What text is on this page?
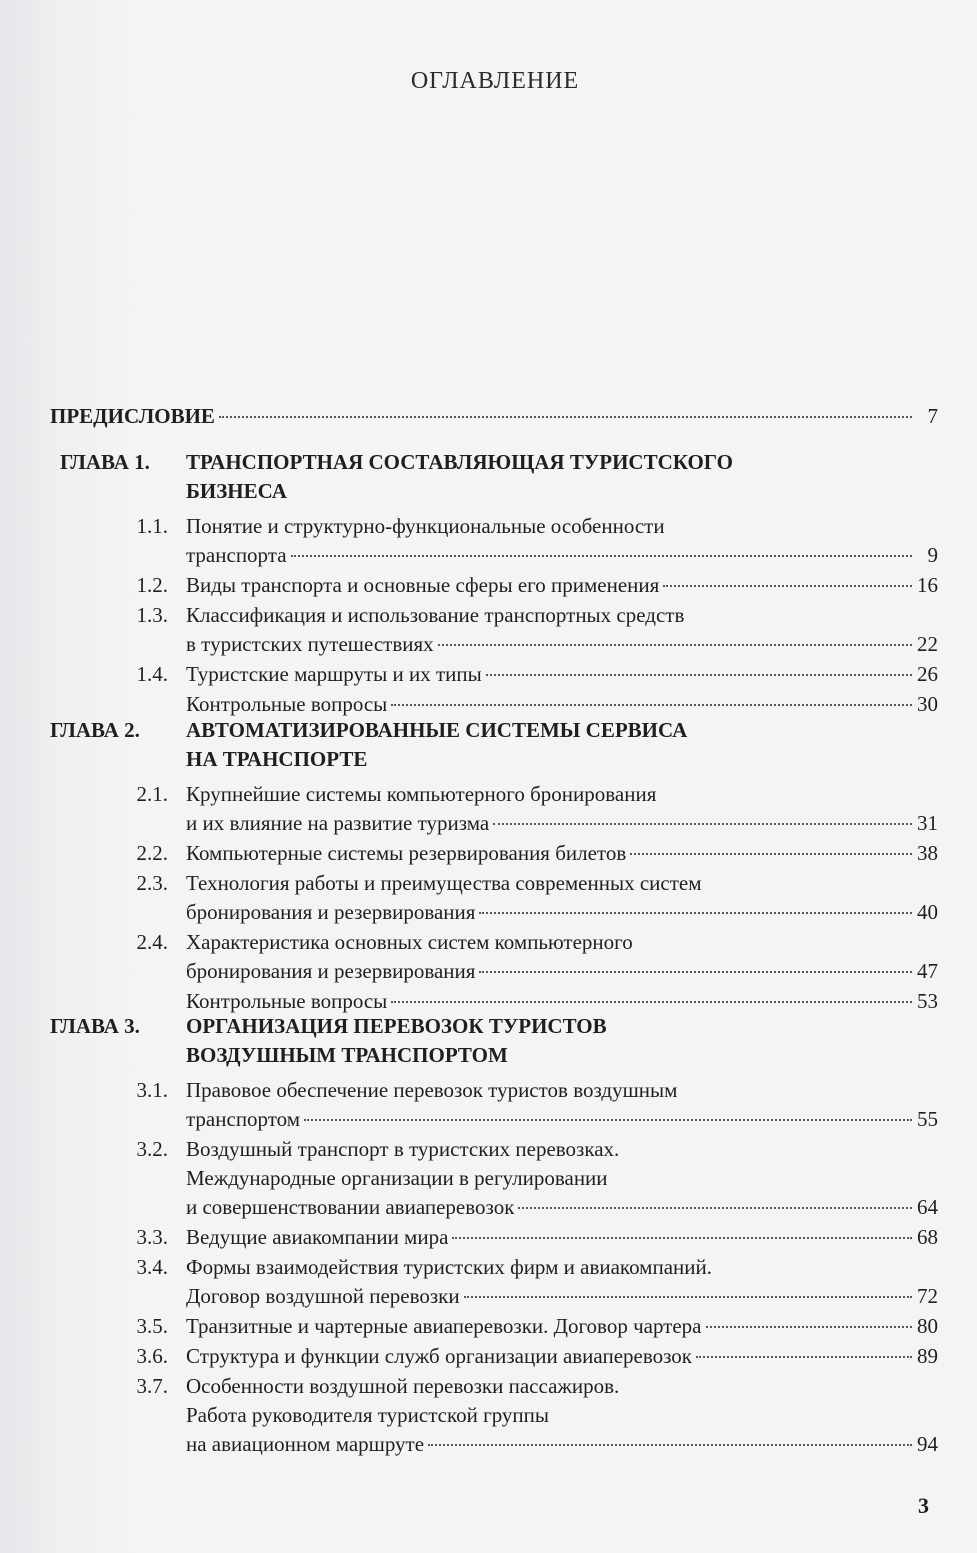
ОГЛАВЛЕНИЕ
ПРЕДИСЛОВИЕ	7
ГЛАВА 1. ТРАНСПОРТНАЯ СОСТАВЛЯЮЩАЯ ТУРИСТСКОГО
БИЗНЕСА
1.1. Понятие и структурно-функциональные особенности
транспорта	9
1.2. Виды транспорта и основные сферы его применения	16
1.3. Классификация и использование транспортных средств
в туристских путешествиях	22
1.4. Туристские маршруты и их типы	26
Контрольные вопросы	30
ГЛАВА 2. АВТОМАТИЗИРОВАННЫЕ СИСТЕМЫ СЕРВИСА
НА ТРАНСПОРТЕ
2.1. Крупнейшие системы компьютерного бронирования
и их влияние на развитие туризма	31
2.2. Компьютерные системы резервирования билетов	38
2.3. Технология работы и преимущества современных систем
бронирования и резервирования	40
2.4. Характеристика основных систем компьютерного
бронирования и резервирования	47
Контрольные вопросы	53
ГЛАВА 3. ОРГАНИЗАЦИЯ ПЕРЕВОЗОК ТУРИСТОВ
ВОЗДУШНЫМ ТРАНСПОРТОМ
3.1. Правовое обеспечение перевозок туристов воздушным
транспортом	55
3.2. Воздушный транспорт в туристских перевозках.
Международные организации в регулировании
и совершенствовании авиаперевозок	64
3.3. Ведущие авиакомпании мира	68
3.4. Формы взаимодействия туристских фирм и авиакомпаний.
Договор воздушной перевозки	72
3.5. Транзитные и чартерные авиаперевозки. Договор чартера	80
3.6. Структура и функции служб организации авиаперевозок	89
3.7. Особенности воздушной перевозки пассажиров.
Работа руководителя туристской группы
на авиационном маршруте	94
3
